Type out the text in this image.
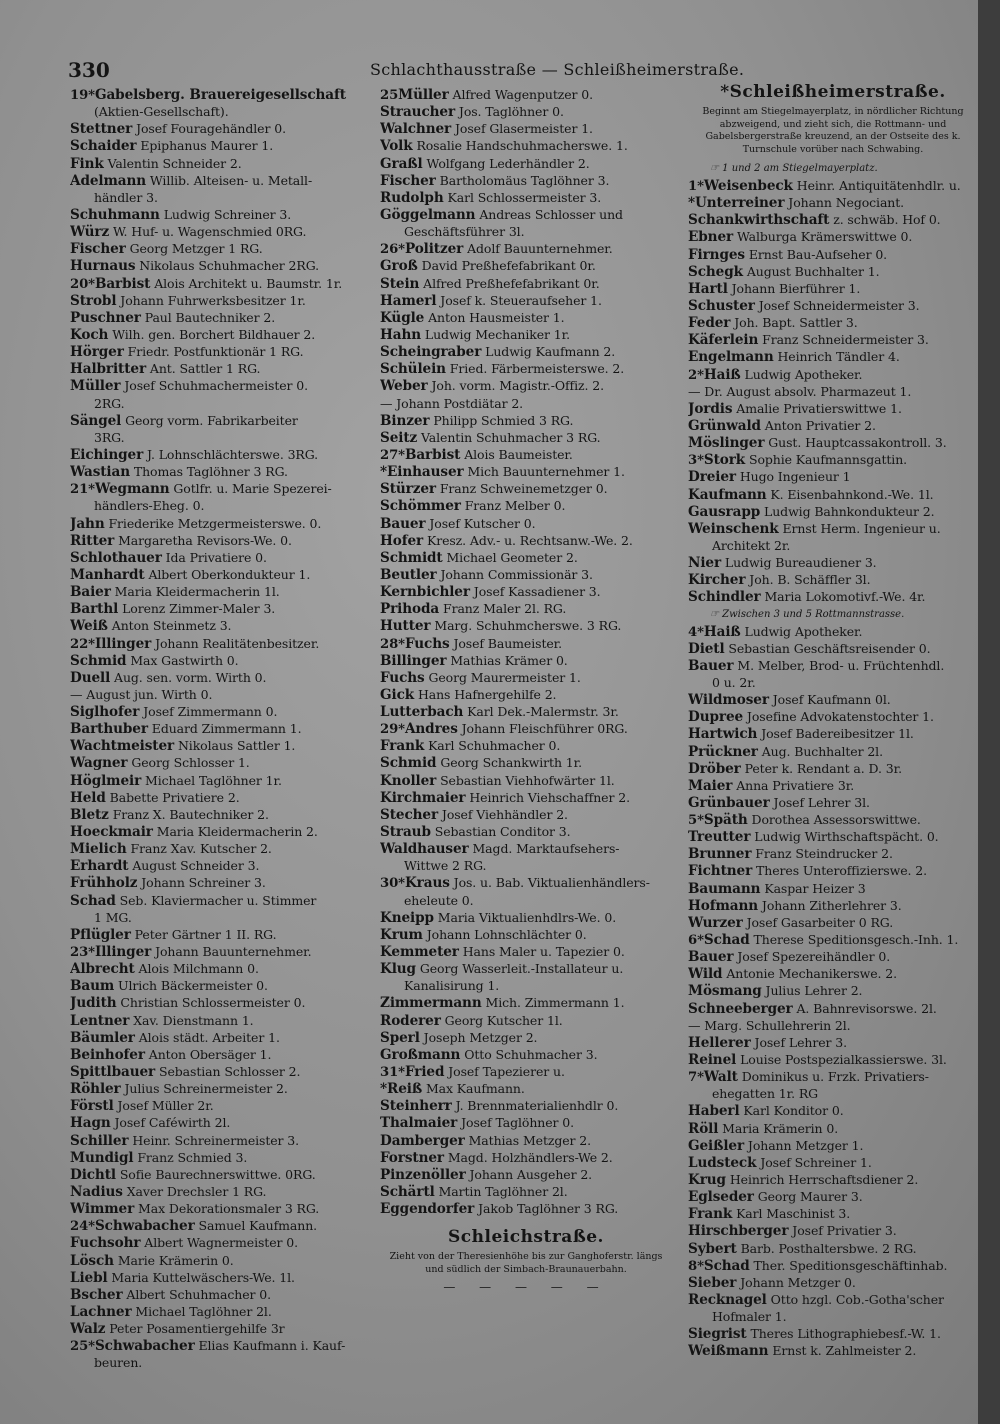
330	Schlachthausstraße — Schleißheimerstraße.
19*Gabelsberg. Brauereigesellschaft
(Aktien-Gesellschaft).
Stettner Josef Fouragehändler 0.
Schaider Epiphanus Maurer 1.
Fink Valentin Schneider 2.
Adelmann Willib. Alteisen- u. Metall-
händler 3.
Schuhmann Ludwig Schreiner 3.
Würz W. Huf- u. Wagenschmied 0RG.
Fischer Georg Metzger 1 RG.
Hurnaus Nikolaus Schuhmacher 2RG.
20*Barbist Alois Architekt u. Baumstr. 1r.
Strobl Johann Fuhrwerksbesitzer 1r.
Puschner Paul Bautechniker 2.
Koch Wilh. gen. Borchert Bildhauer 2.
Hörger Friedr. Postfunktionär 1 RG.
Halbritter Ant. Sattler 1 RG.
Müller Josef Schuhmachermeister 0.
2RG.
Sängel Georg vorm. Fabrikarbeiter
3RG.
Eichinger J. Lohnschlächterswe. 3RG.
Wastian Thomas Taglöhner 3 RG.
21*Wegmann Gotlfr. u. Marie Spezerei-
händlers-Eheg. 0.
Jahn Friederike Metzgermeisterswe. 0.
Ritter Margaretha Revisors-We. 0.
Schlothauer Ida Privatiere 0.
Manhardt Albert Oberkondukteur 1.
Baier Maria Kleidermacherin 1l.
Barthl Lorenz Zimmer-Maler 3.
Weiß Anton Steinmetz 3.
22*Illinger Johann Realitätenbesitzer.
Schmid Max Gastwirth 0.
Duell Aug. sen. vorm. Wirth 0.
— August jun. Wirth 0.
Siglhofer Josef Zimmermann 0.
Barthuber Eduard Zimmermann 1.
Wachtmeister Nikolaus Sattler 1.
Wagner Georg Schlosser 1.
Höglmeir Michael Taglöhner 1r.
Held Babette Privatiere 2.
Bletz Franz X. Bautechniker 2.
Hoeckmair Maria Kleidermacherin 2.
Mielich Franz Xav. Kutscher 2.
Erhardt August Schneider 3.
Frühholz Johann Schreiner 3.
Schad Seb. Klaviermacher u. Stimmer
1 MG.
Pflügler Peter Gärtner 1 II. RG.
23*Illinger Johann Bauunternehmer.
Albrecht Alois Milchmann 0.
Baum Ulrich Bäckermeister 0.
Judith Christian Schlossermeister 0.
Lentner Xav. Dienstmann 1.
Bäumler Alois städt. Arbeiter 1.
Beinhofer Anton Obersäger 1.
Spittlbauer Sebastian Schlosser 2.
Röhler Julius Schreinermeister 2.
Förstl Josef Müller 2r.
Hagn Josef Caféwirth 2l.
Schiller Heinr. Schreinermeister 3.
Mundigl Franz Schmied 3.
Dichtl Sofie Baurechnerswittwe. 0RG.
Nadius Xaver Drechsler 1 RG.
Wimmer Max Dekorationsmaler 3 RG.
24*Schwabacher Samuel Kaufmann.
Fuchsohr Albert Wagnermeister 0.
Lösch Marie Krämerin 0.
Liebl Maria Kuttelwäschers-We. 1l.
Bscher Albert Schuhmacher 0.
Lachner Michael Taglöhner 2l.
Walz Peter Posamentiergehilfe 3r
25*Schwabacher Elias Kaufmann i. Kauf-
beuren.
25Müller Alfred Wagenputzer 0.
Straucher Jos. Taglöhner 0.
Walchner Josef Glasermeister 1.
Volk Rosalie Handschuhmacherswe. 1.
Graßl Wolfgang Lederhändler 2.
Fischer Bartholomäus Taglöhner 3.
Rudolph Karl Schlossermeister 3.
Göggelmann Andreas Schlosser und
Geschäftsführer 3l.
26*Politzer Adolf Bauunternehmer.
Groß David Preßhefefabrikant 0r.
Stein Alfred Preßhefefabrikant 0r.
Hamerl Josef k. Steueraufseher 1.
Kügle Anton Hausmeister 1.
Hahn Ludwig Mechaniker 1r.
Scheingraber Ludwig Kaufmann 2.
Schülein Fried. Färbermeisterswe. 2.
Weber Joh. vorm. Magistr.-Offiz. 2.
— Johann Postdiätar 2.
Binzer Philipp Schmied 3 RG.
Seitz Valentin Schuhmacher 3 RG.
27*Barbist Alois Baumeister.
*Einhauser Mich Bauunternehmer 1.
Stürzer Franz Schweinemetzger 0.
Schömmer Franz Melber 0.
Bauer Josef Kutscher 0.
Hofer Kresz. Adv.- u. Rechtsanw.-We. 2.
Schmidt Michael Geometer 2.
Beutler Johann Commissionär 3.
Kernbichler Josef Kassadiener 3.
Prihoda Franz Maler 2l. RG.
Hutter Marg. Schuhmcherswe. 3 RG.
28*Fuchs Josef Baumeister.
Billinger Mathias Krämer 0.
Fuchs Georg Maurermeister 1.
Gick Hans Hafnergehilfe 2.
Lutterbach Karl Dek.-Malermstr. 3r.
29*Andres Johann Fleischführer 0RG.
Frank Karl Schuhmacher 0.
Schmid Georg Schankwirth 1r.
Knoller Sebastian Viehhofwärter 1l.
Kirchmaier Heinrich Viehschaffner 2.
Stecher Josef Viehhändler 2.
Straub Sebastian Conditor 3.
Waldhauser Magd. Marktaufsehers-
Wittwe 2 RG.
30*Kraus Jos. u. Bab. Viktualienhändlers-
eheleute 0.
Kneipp Maria Viktualienhdlrs-We. 0.
Krum Johann Lohnschlächter 0.
Kemmeter Hans Maler u. Tapezier 0.
Klug Georg Wasserleit.-Installateur u.
Kanalisirung 1.
Zimmermann Mich. Zimmermann 1.
Roderer Georg Kutscher 1l.
Sperl Joseph Metzger 2.
Großmann Otto Schuhmacher 3.
31*Fried Josef Tapezierer u.
*Reiß Max Kaufmann.
Steinherr J. Brennmaterialienhdlr 0.
Thalmaier Josef Taglöhner 0.
Damberger Mathias Metzger 2.
Forstner Magd. Holzhändlers-We 2.
Pinzenöller Johann Ausgeher 2.
Schärtl Martin Taglöhner 2l.
Eggendorfer Jakob Taglöhner 3 RG.
Schleichstraße.
Zieht von der Theresienhöhe bis zur Ganghoferstr. längs und südlich der Simbach-Braunauerbahn.
— — — — —
*Schleißheimerstraße.
Beginnt am Stiegelmayerplatz, in nördlicher Richtung abzweigend, und zieht sich, die Rottmann- und Gabelsbergerstraße kreuzend, an der Ostseite des k. Turnschule vorüber nach Schwabing.
☞ 1 und 2 am Stiegelmayerplatz.
1*Weisenbeck Heinr. Antiquitätenhdlr. u.
*Unterreiner Johann Negociant.
Schankwirthschaft z. schwäb. Hof 0.
Ebner Walburga Krämerswittwe 0.
Firnges Ernst Bau-Aufseher 0.
Schegk August Buchhalter 1.
Hartl Johann Bierführer 1.
Schuster Josef Schneidermeister 3.
Feder Joh. Bapt. Sattler 3.
Käferlein Franz Schneidermeister 3.
Engelmann Heinrich Tändler 4.
2*Haiß Ludwig Apotheker.
— Dr. August absolv. Pharmazeut 1.
Jordis Amalie Privatierswittwe 1.
Grünwald Anton Privatier 2.
Möslinger Gust. Hauptcassakontroll. 3.
3*Stork Sophie Kaufmannsgattin.
Dreier Hugo Ingenieur 1
Kaufmann K. Eisenbahnkond.-We. 1l.
Gausrapp Ludwig Bahnkondukteur 2.
Weinschenk Ernst Herm. Ingenieur u.
Architekt 2r.
Nier Ludwig Bureaudiener 3.
Kircher Joh. B. Schäffler 3l.
Schindler Maria Lokomotivf.-We. 4r.
☞ Zwischen 3 und 5 Rottmannstrasse.
4*Haiß Ludwig Apotheker.
Dietl Sebastian Geschäftsreisender 0.
Bauer M. Melber, Brod- u. Früchtenhdl.
0 u. 2r.
Wildmoser Josef Kaufmann 0l.
Dupree Josefine Advokatenstochter 1.
Hartwich Josef Badereibesitzer 1l.
Prückner Aug. Buchhalter 2l.
Dröber Peter k. Rendant a. D. 3r.
Maier Anna Privatiere 3r.
Grünbauer Josef Lehrer 3l.
5*Späth Dorothea Assessorswittwe.
Treutter Ludwig Wirthschaftspächt. 0.
Brunner Franz Steindrucker 2.
Fichtner Theres Unteroffizierswe. 2.
Baumann Kaspar Heizer 3
Hofmann Johann Zitherlehrer 3.
Wurzer Josef Gasarbeiter 0 RG.
6*Schad Therese Speditionsgesch.-Inh. 1.
Bauer Josef Spezereihändler 0.
Wild Antonie Mechanikerswe. 2.
Mösmang Julius Lehrer 2.
Schneeberger A. Bahnrevisorswe. 2l.
— Marg. Schullehrerin 2l.
Hellerer Josef Lehrer 3.
Reinel Louise Postspezialkassierswe. 3l.
7*Walt Dominikus u. Frzk. Privatiers-
ehegatten 1r. RG
Haberl Karl Konditor 0.
Röll Maria Krämerin 0.
Geißler Johann Metzger 1.
Ludsteck Josef Schreiner 1.
Krug Heinrich Herrschaftsdiener 2.
Eglseder Georg Maurer 3.
Frank Karl Maschinist 3.
Hirschberger Josef Privatier 3.
Sybert Barb. Posthaltersbwe. 2 RG.
8*Schad Ther. Speditionsgeschäftinhab.
Sieber Johann Metzger 0.
Recknagel Otto hzgl. Cob.-Gotha'scher
Hofmaler 1.
Siegrist Theres Lithographiebesf.-W. 1.
Weißmann Ernst k. Zahlmeister 2.
